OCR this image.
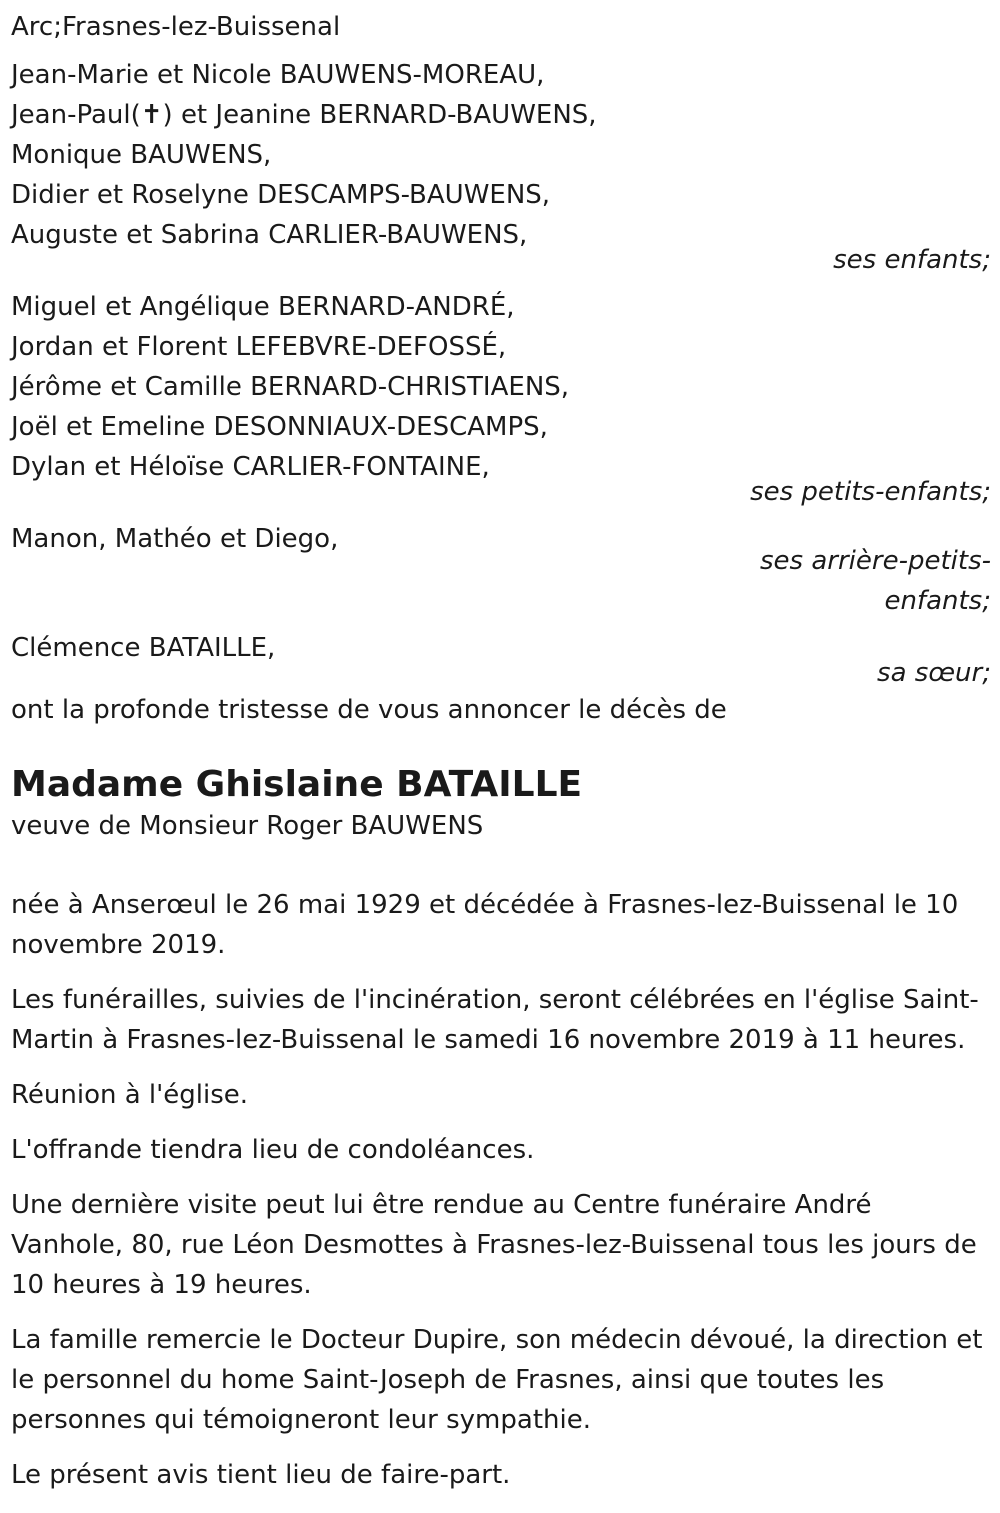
Arc;Frasnes-lez-Buissenal
Jean-Marie et Nicole BAUWENS-MOREAU,
Jean-Paul(✝) et Jeanine BERNARD-BAUWENS,
Monique BAUWENS,
Didier et Roselyne DESCAMPS-BAUWENS,
Auguste et Sabrina CARLIER-BAUWENS,
ses enfants;
Miguel et Angélique BERNARD-ANDRÉ,
Jordan et Florent LEFEBVRE-DEFOSSÉ,
Jérôme et Camille BERNARD-CHRISTIAENS,
Joël et Emeline DESONNIAUX-DESCAMPS,
Dylan et Héloïse CARLIER-FONTAINE,
ses petits-enfants;
Manon, Mathéo et Diego,
ses arrière-petits-
enfants;
Clémence BATAILLE,
sa sœur;
ont la profonde tristesse de vous annoncer le décès de
Madame Ghislaine BATAILLE
veuve de Monsieur Roger BAUWENS
née à Anserœul le 26 mai 1929 et décédée à Frasnes-lez-Buissenal le 10 novembre 2019.
Les funérailles, suivies de l'incinération, seront célébrées en l'église Saint-Martin à Frasnes-lez-Buissenal le samedi 16 novembre 2019 à 11 heures.
Réunion à l'église.
L'offrande tiendra lieu de condoléances.
Une dernière visite peut lui être rendue au Centre funéraire André Vanhole, 80, rue Léon Desmottes à Frasnes-lez-Buissenal tous les jours de 10 heures à 19 heures.
La famille remercie le Docteur Dupire, son médecin dévoué, la direction et le personnel du home Saint-Joseph de Frasnes, ainsi que toutes les personnes qui témoigneront leur sympathie.
Le présent avis tient lieu de faire-part.
